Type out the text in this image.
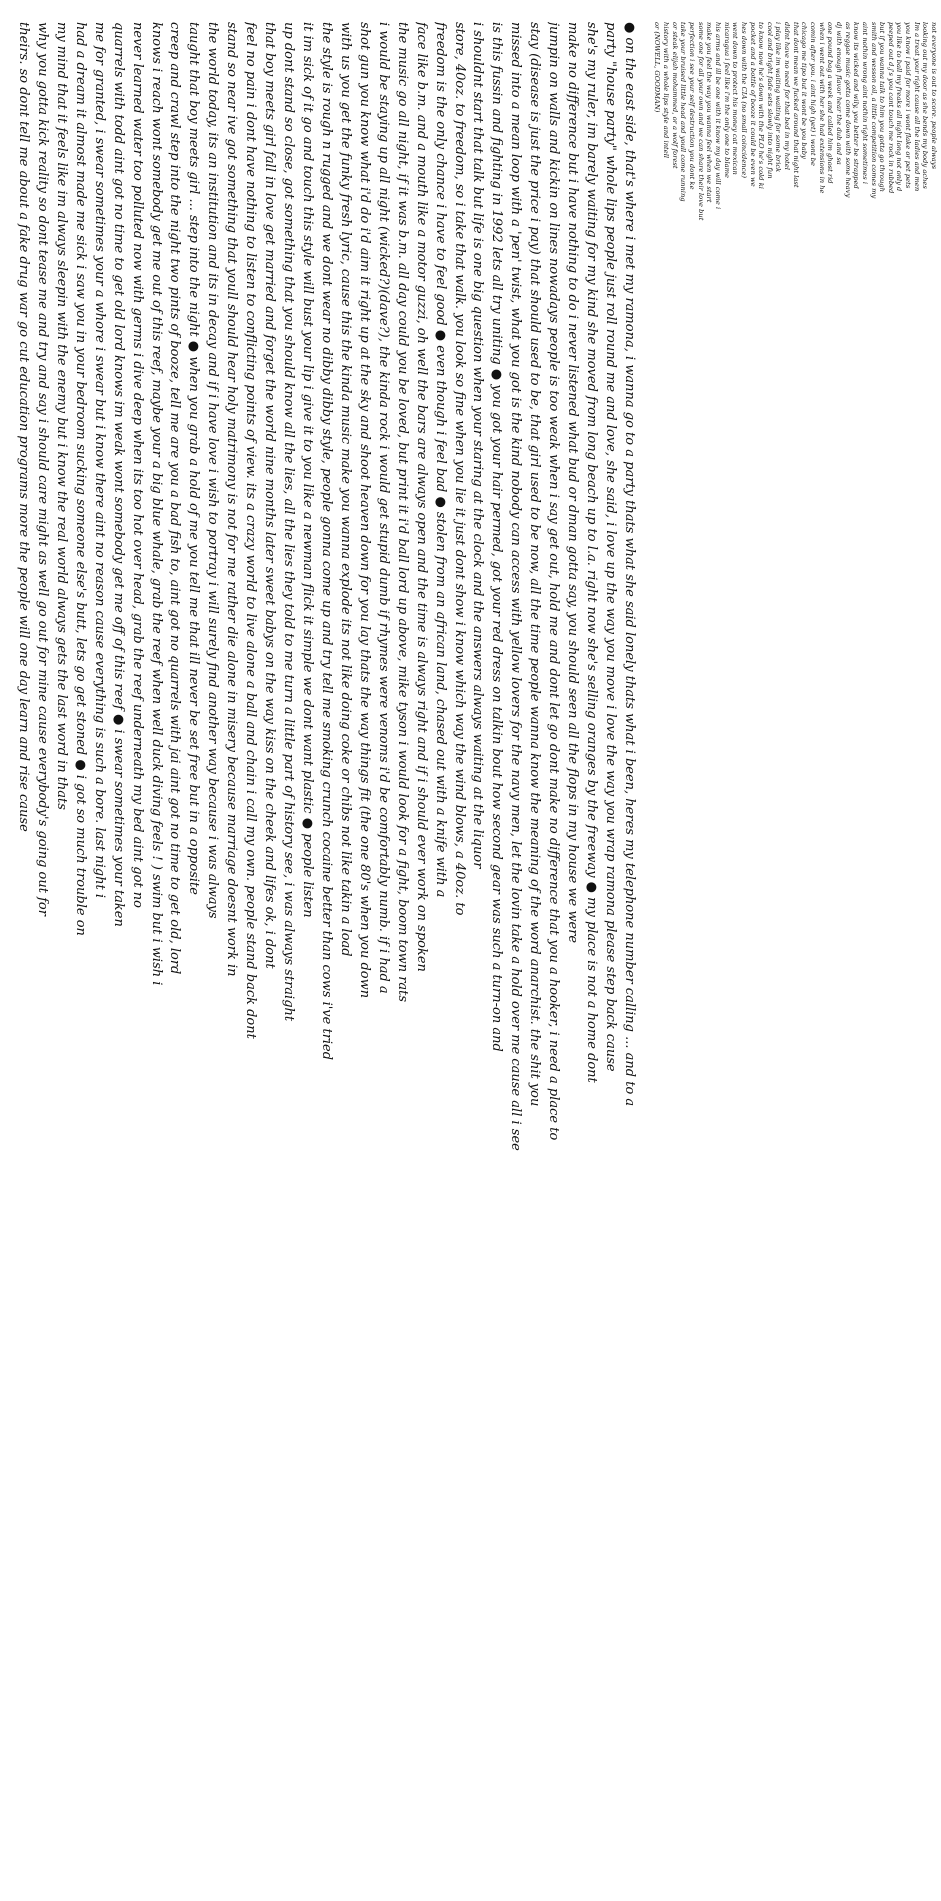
not everyone is out to score. people always
looking out my door as she bends my body aches
Im a treat your right cause all the ladies and men
you know i paid for more i wont flake or pet pets
you like to ball my freaks all night long not only d
peeped out d.j's you cant touch me rock in rubbed
but if you wanna talk to him you gotta go through
smith and wesson oil, a little competition comes my
aint nothin wrong aint nothin right sometimes i
know its wicked and wily, you better be strapped
as reggae music gotta come down with some heavy
dj with enough flavor hear the dub and sa
one pound bag a week and called him ghost rid
when i went out with her she had extensions in he
comin after you. i aint high (yet) i wont be
chicago me tipo but it wont be you baby
that dont mean we fucked around that night last
didnt have no need for that bed in my hotel
i play like im waiting waiting for some brick
cool and bright fade sets slowly into night fun
to know now he's down with the PLO he's cold ki
pocket and a bottle of booze it could be even we
hes down with the CIA (no small coincidence)
went down to protect his money cat mexican
nicaragua i feel like i'm the only one to blame
his arms and ill be one with it know my day will come i
make you feel the way you wanna feel when we start
some one for all your own and we can share their love but
perfection i see your self destruction you dont ke
take your bruised little head and youll come running
or steak elijah mohammed, or a wolf forest
history with a whole lips style and intell
or (NOWELL, GOODMAN)
● on the east side, that's where i met my ramona, i wanna go to a party thats what she said lonely thats what i been, heres my telephone number calling ... and to a
party "house party" whole lips people just roll round me and love, she said, i love up the way you move i love the way you wrap ramona please step back cause
she's my ruler, im barely waiting for my kind she moved from long beach up to l.a. right now she's selling oranges by the freeway ● my place is not a home dont
make no difference but i have nothing to do i never listened what bud or dman gotta say, you should seen all the flops in my house we were
jumpin on walls and kickin on lines nowadays people is too weak when i say get out, hold me and dont let go dont make no difference that you a hooker, i need a place to
stay (disease is just the price i pay) that should used to be, that girl used to be now, all the time people wanna know the meaning of the word anarchist. the shit you
missed into a mean loop with a 'pen' twist, what you got is the kind nobody can access with yellow lovers for the navy men, let the lovin take a hold over me cause all i see
is this fussin and fighting in 1992 lets all try uniting ● you got your hair permed, got your red dress on talkin bout how second gear was such a turn-on and
i shouldnt start that talk but life is one big question when your staring at the clock and the answers always waiting at the liquor
store, 40oz. to freedom, so i take that walk. you look so fine when you lie it just dont show i know which way the wind blows, a 40oz. to
freedom is the only chance i have to feel good ● even though i feel bad ● stolen from an african land, chased out with a knife with a
face like b.m. and a mouth like a motor guzzi, oh well the bars are always open and the time is always right and if i should ever work on spoken
the music go all night, if it was b.m. all day could you be loved, but print it i'd ball lord up above, mike tyson i would look for a fight, boom town rats
i would be staying up all night (wicked?)(dave?), the kinda rock i would get stupid dumb if rhymes were venoms i'd be comfortably numb. if i had a
shot gun you know what i'd do i'd aim it right up at the sky and shoot heaven down for you lay thats the way things fit (the one 80's when you down
with us you get the funky fresh lyric, cause this the kinda music make you wanna explode its not like doing coke or chibs not like takin a load
the style is rough n rugged and we dont wear no dibby dibby style, people gonna come up and try tell me smoking crunch cocaine better than cows i've tried
it im sick of it go and touch this style will bust your lip i give it to you like a newman flick it simple we dont want plastic ● people listen
up dont stand so close, got something that you should know all the lies, all the lies they told to me turn a little part of history see, i was always straight
that boy meets girl fall in love get married and forget the world nine months later sweet babys on the way kiss on the cheek and lifes ok, i dont
feel no pain i dont have nothing to listen to conflicting points of view. its a crazy world to live alone a ball and chain i call my own. people stand back dont
stand so near ive got something that youll should hear holy matrimony is not for me rather die alone in misery because marriage doesnt work in
the world today, its an institution and its in decay and if i have love i wish to portray i will surely find another way because i was always
taught that boy meets girl ... step into the night ● when you grab a hold of me you tell me that ill never be set free but in a opposite
creep and crawl step into the night two pints of booze, tell me are you a bad fish to, aint got no quarrels with jai aint got no time to get old, lord
knows i reach wont somebody get me out of this reef, maybe your a big blue whale, grab the reef when well duck diving feels ! ) swim but i wish i
never learned water too polluted now with germs i dive deep when its too hot over head, grab the reef underneath my bed aint got no
quarrels with todd aint got no time to get old lord knows im weak wont somebody get me off of this reef ● i swear sometimes your taken
me for granted, i swear sometimes your a whore i swear but i know there aint no reason cause everything is such a bore. last night i
had a dream it almost made me sick i saw you in your bedroom sucking someone else's butt, lets go get stoned ● i got so much trouble on
my mind that it feels like im always sleepin with the enemy but i know the real world always gets the last word in thats
why you gotta kick reality so dont tease me and try and say i should care might as well go out for mine cause everybody's going out for
theirs. so dont tell me about a fake drug war go cut education programs more the people will one day learn and rise cause
